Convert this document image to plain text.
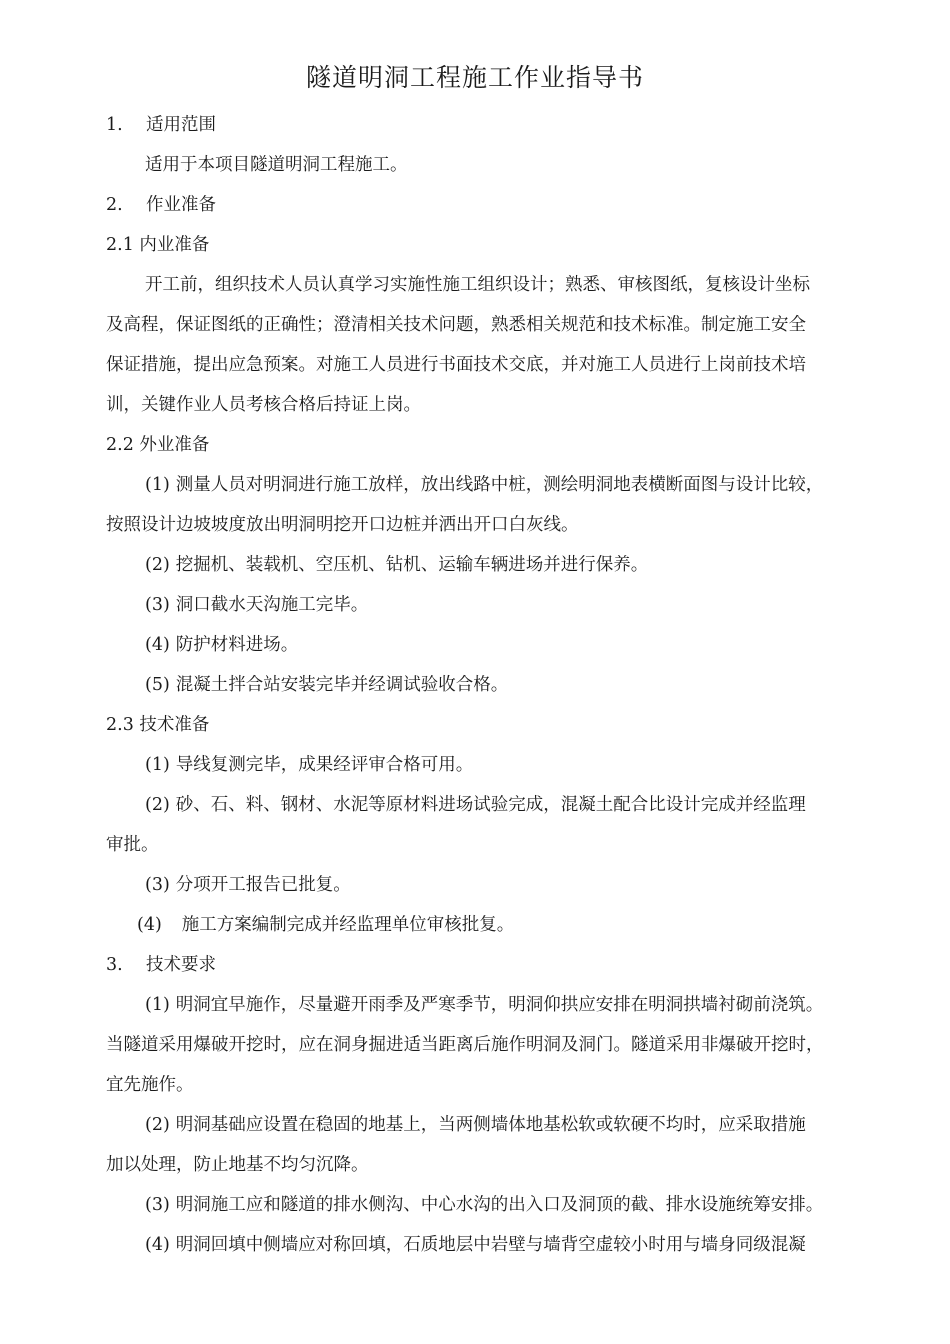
隧道明洞工程施工作业指导书
1. 适用范围
适用于本项目隧道明洞工程施工。
2. 作业准备
2.1 内业准备
开工前，组织技术人员认真学习实施性施工组织设计；熟悉、审核图纸，复核设计坐标
及高程，保证图纸的正确性；澄清相关技术问题，熟悉相关规范和技术标准。制定施工安全
保证措施，提出应急预案。对施工人员进行书面技术交底，并对施工人员进行上岗前技术培
训，关键作业人员考核合格后持证上岗。
2.2 外业准备
(1) 测量人员对明洞进行施工放样，放出线路中桩，测绘明洞地表横断面图与设计比较，
按照设计边坡坡度放出明洞明挖开口边桩并洒出开口白灰线。
(2) 挖掘机、装载机、空压机、钻机、运输车辆进场并进行保养。
(3) 洞口截水天沟施工完毕。
(4) 防护材料进场。
(5) 混凝土拌合站安装完毕并经调试验收合格。
2.3 技术准备
(1) 导线复测完毕，成果经评审合格可用。
(2) 砂、石、料、钢材、水泥等原材料进场试验完成，混凝土配合比设计完成并经监理
审批。
(3) 分项开工报告已批复。
(4) 施工方案编制完成并经监理单位审核批复。
3. 技术要求
(1) 明洞宜早施作，尽量避开雨季及严寒季节，明洞仰拱应安排在明洞拱墙衬砌前浇筑。
当隧道采用爆破开挖时，应在洞身掘进适当距离后施作明洞及洞门。隧道采用非爆破开挖时，
宜先施作。
(2) 明洞基础应设置在稳固的地基上，当两侧墙体地基松软或软硬不均时，应采取措施
加以处理，防止地基不均匀沉降。
(3) 明洞施工应和隧道的排水侧沟、中心水沟的出入口及洞顶的截、排水设施统筹安排。
(4) 明洞回填中侧墙应对称回填，石质地层中岩壁与墙背空虚较小时用与墙身同级混凝
